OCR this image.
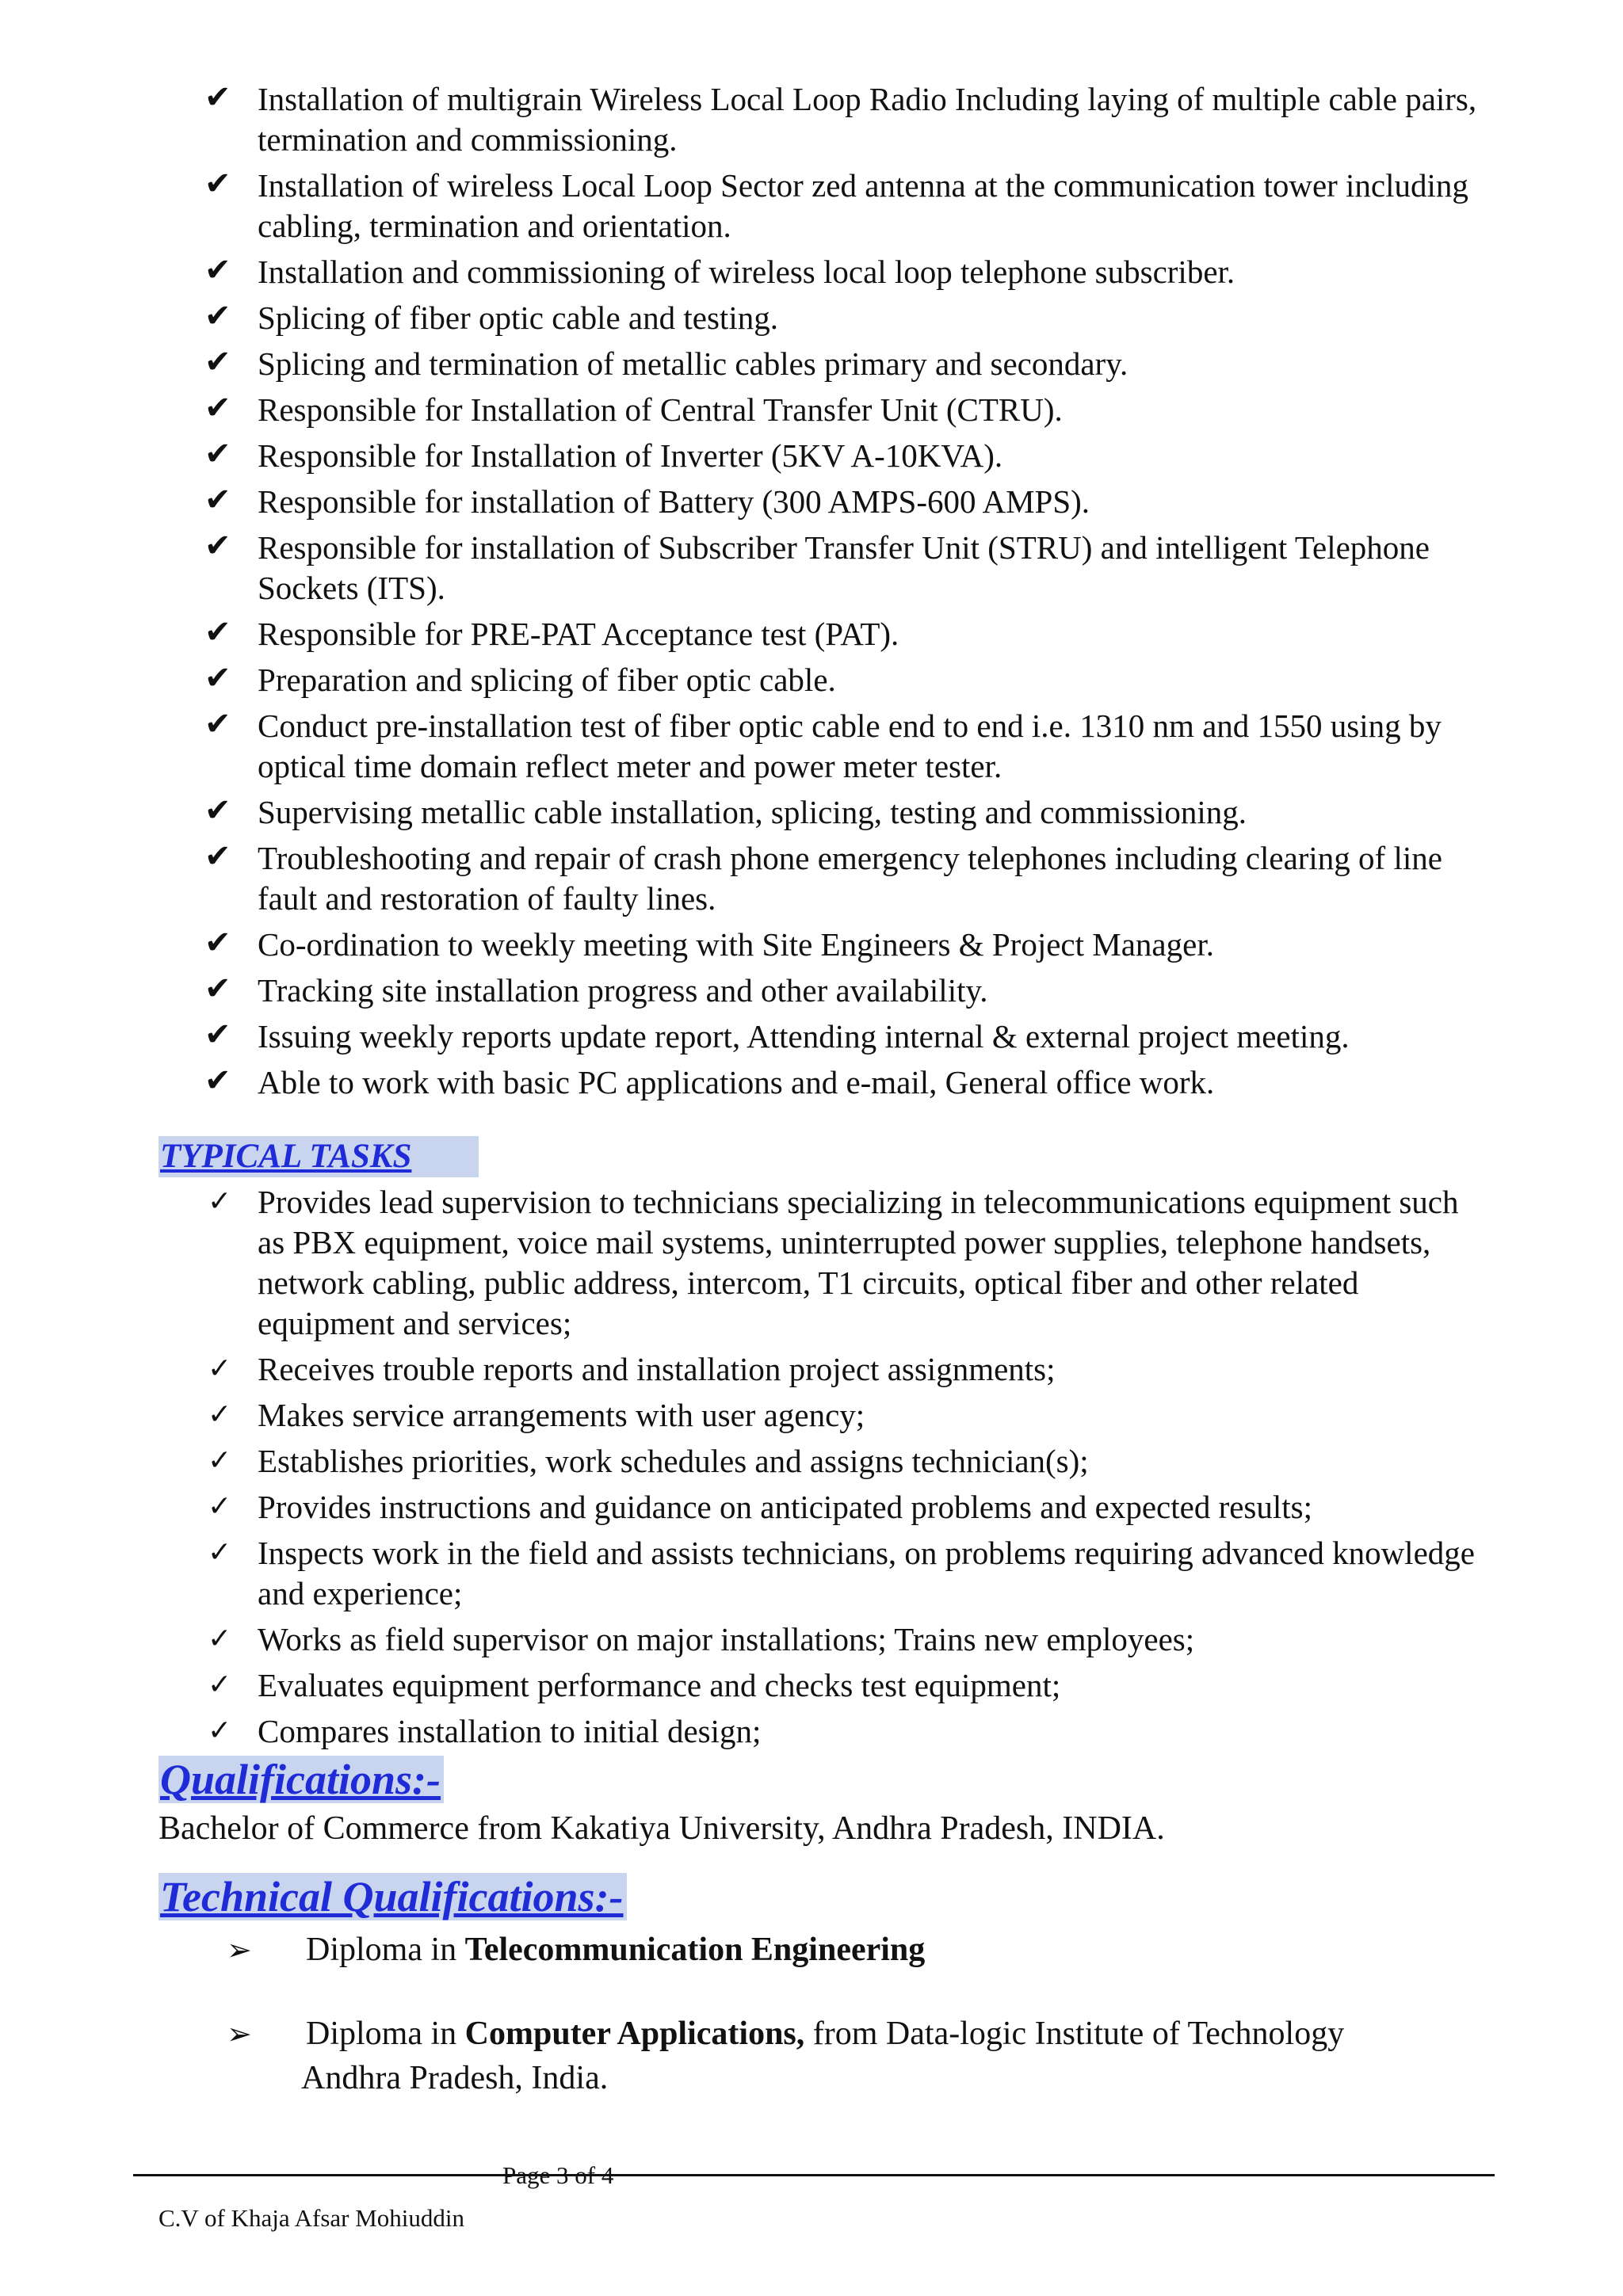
✔ Installation of multigrain Wireless Local Loop Radio Including laying of multiple cable pairs, termination and commissioning.
✔ Installation of wireless Local Loop Sector zed antenna at the communication tower including cabling, termination and orientation.
✔ Installation and commissioning of wireless local loop telephone subscriber.
✔ Splicing of fiber optic cable and testing.
✔ Splicing and termination of metallic cables primary and secondary.
✔ Responsible for Installation of Central Transfer Unit (CTRU).
✔ Responsible for Installation of Inverter (5KV A-10KVA).
✔ Responsible for installation of Battery (300 AMPS-600 AMPS).
✔ Responsible for installation of Subscriber Transfer Unit (STRU) and intelligent Telephone Sockets (ITS).
✔ Responsible for PRE-PAT Acceptance test (PAT).
✔ Preparation and splicing of fiber optic cable.
✔ Conduct pre-installation test of fiber optic cable end to end i.e. 1310 nm and 1550 using by optical time domain reflect meter and power meter tester.
✔ Supervising metallic cable installation, splicing, testing and commissioning.
✔ Troubleshooting and repair of crash phone emergency telephones including clearing of line fault and restoration of faulty lines.
✔ Co-ordination to weekly meeting with Site Engineers & Project Manager.
✔ Tracking site installation progress and other availability.
✔ Issuing weekly reports update report, Attending internal & external project meeting.
✔ Able to work with basic PC applications and e-mail, General office work.
TYPICAL TASKS
✓ Provides lead supervision to technicians specializing in telecommunications equipment such as PBX equipment, voice mail systems, uninterrupted power supplies, telephone handsets, network cabling, public address, intercom, T1 circuits, optical fiber and other related equipment and services;
✓ Receives trouble reports and installation project assignments;
✓ Makes service arrangements with user agency;
✓ Establishes priorities, work schedules and assigns technician(s);
✓ Provides instructions and guidance on anticipated problems and expected results;
✓ Inspects work in the field and assists technicians, on problems requiring advanced knowledge and experience;
✓ Works as field supervisor on major installations; Trains new employees;
✓ Evaluates equipment performance and checks test equipment;
✓ Compares installation to initial design;
Qualifications:-
Bachelor of Commerce from Kakatiya University, Andhra Pradesh, INDIA.
Technical Qualifications:-
➢ Diploma in Telecommunication Engineering
➢ Diploma in Computer Applications, from Data-logic Institute of Technology
Andhra Pradesh, India.
Page 3 of 4
C.V of Khaja Afsar Mohiuddin
